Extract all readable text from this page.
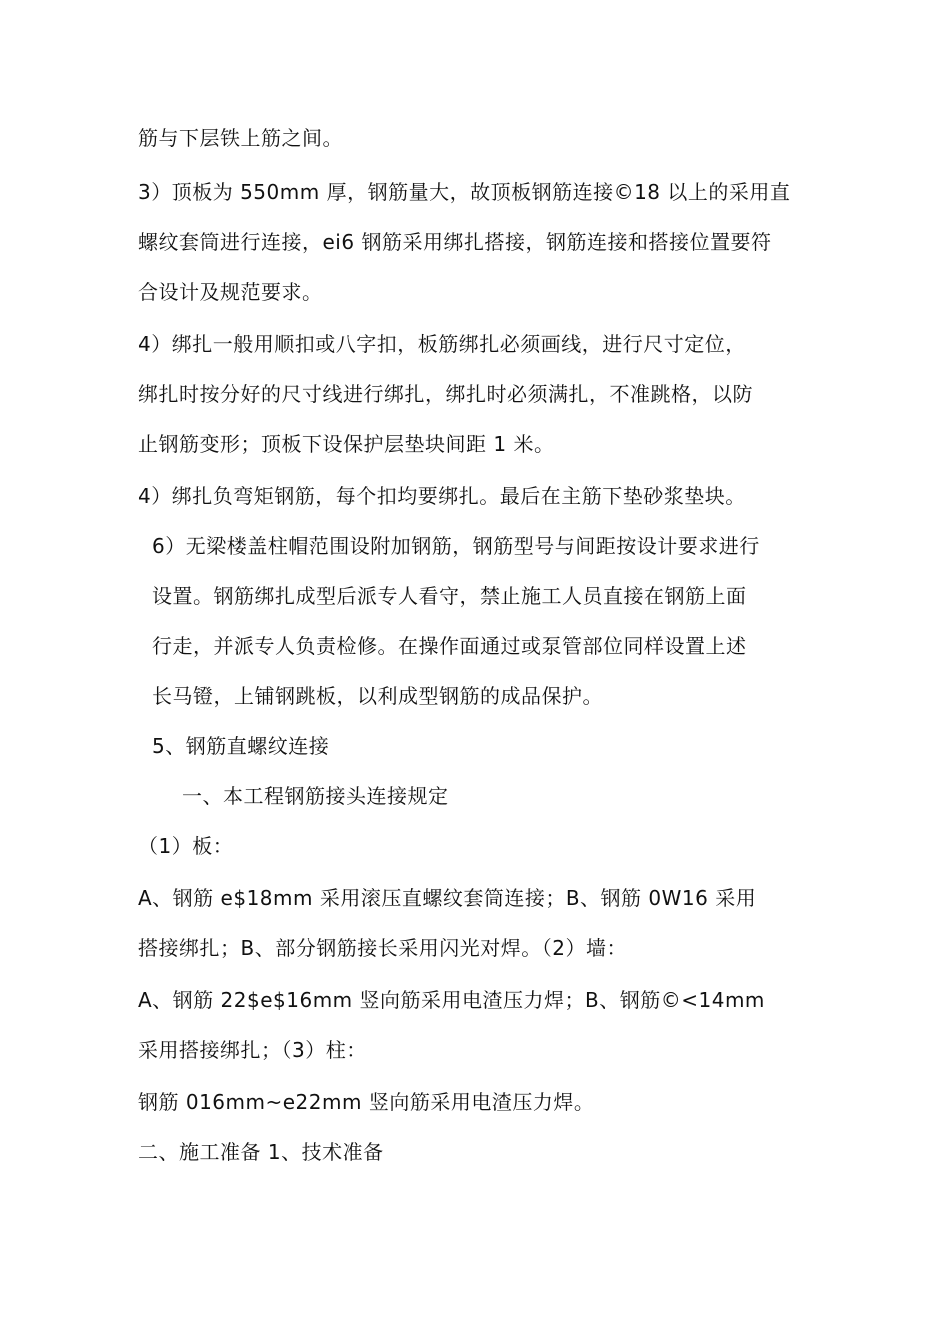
筋与下层铁上筋之间。
3）顶板为 550mm 厚，钢筋量大，故顶板钢筋连接©18 以上的采用直
螺纹套筒进行连接，ei6 钢筋采用绑扎搭接，钢筋连接和搭接位置要符
合设计及规范要求。
4）绑扎一般用顺扣或八字扣，板筋绑扎必须画线，进行尺寸定位，
绑扎时按分好的尺寸线进行绑扎，绑扎时必须满扎，不准跳格，以防
止钢筋变形；顶板下设保护层垫块间距 1 米。
4）绑扎负弯矩钢筋，每个扣均要绑扎。最后在主筋下垫砂浆垫块。
6）无梁楼盖柱帽范围设附加钢筋，钢筋型号与间距按设计要求进行
设置。钢筋绑扎成型后派专人看守，禁止施工人员直接在钢筋上面
行走，并派专人负责检修。在操作面通过或泵管部位同样设置上述
长马镫，上铺钢跳板，以利成型钢筋的成品保护。
5、钢筋直螺纹连接
一、本工程钢筋接头连接规定
（1）板：
A、钢筋 e$18mm 采用滚压直螺纹套筒连接；B、钢筋 0W16 采用
搭接绑扎；B、部分钢筋接长采用闪光对焊。（2）墙：
A、钢筋 22$e$16mm 竖向筋采用电渣压力焊；B、钢筋©<14mm
采用搭接绑扎；（3）柱：
钢筋 016mm~e22mm 竖向筋采用电渣压力焊。
二、施工准备 1、技术准备
